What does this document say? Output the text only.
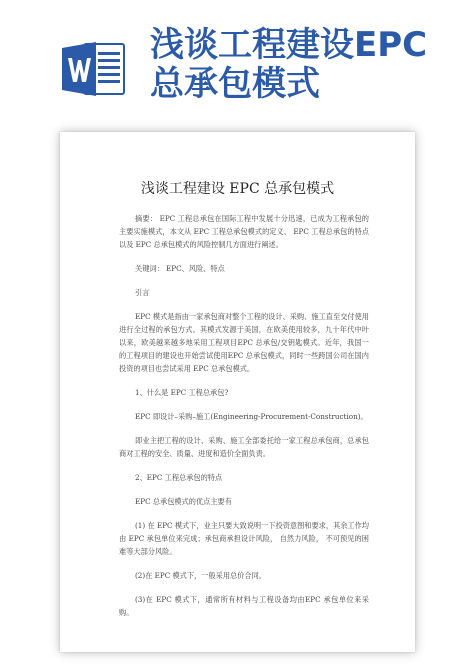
浅谈工程建设EPC总承包模式
浅谈工程建设 EPC 总承包模式

摘要： EPC 工程总承包在国际工程中发展十分迅速，已成为工程承包的主要实施模式，本文从 EPC 工程总承包模式的定义、 EPC 工程总承包的特点以及 EPC 总承包模式的风险控制几方面进行阐述。

关键词： EPC、风险、特点

引言

EPC 模式是指由一家承包商对整个工程的设计、采购、施工直至交付使用进行全过程的承包方式。其模式发源于美国，在欧美使用较多，九十年代中叶以来，欧美越来越多地采用工程项目EPC 总承包/交钥匙模式。近年，我国一的工程项目的建设也开始尝试使用EPC 总承包模式，同时一些跨国公司在国内投资的项目也尝试采用 EPC 总承包模式。

1、什么是 EPC 工程总承包?

EPC 即设计–采购–施工(Engineering-Procurement-Construction)。

即业主把工程的设计、采购、施工全部委托给一家工程总承包商，总承包商对工程的安全、质量、进度和造价全面负责。

2、EPC 工程总承包的特点

EPC 总承包模式的优点主要有

(1) 在 EPC 模式下，业主只要大致说明一下投资意图和要求，其余工作均由 EPC 承包单位来完成；承包商承担设计风险， 自然力风险， 不可预见的困难等大部分风险。

(2)在 EPC 模式下，一般采用总价合同。

(3)在 EPC 模式下，通常所有材料与工程设备均由EPC 承包单位来采购。
